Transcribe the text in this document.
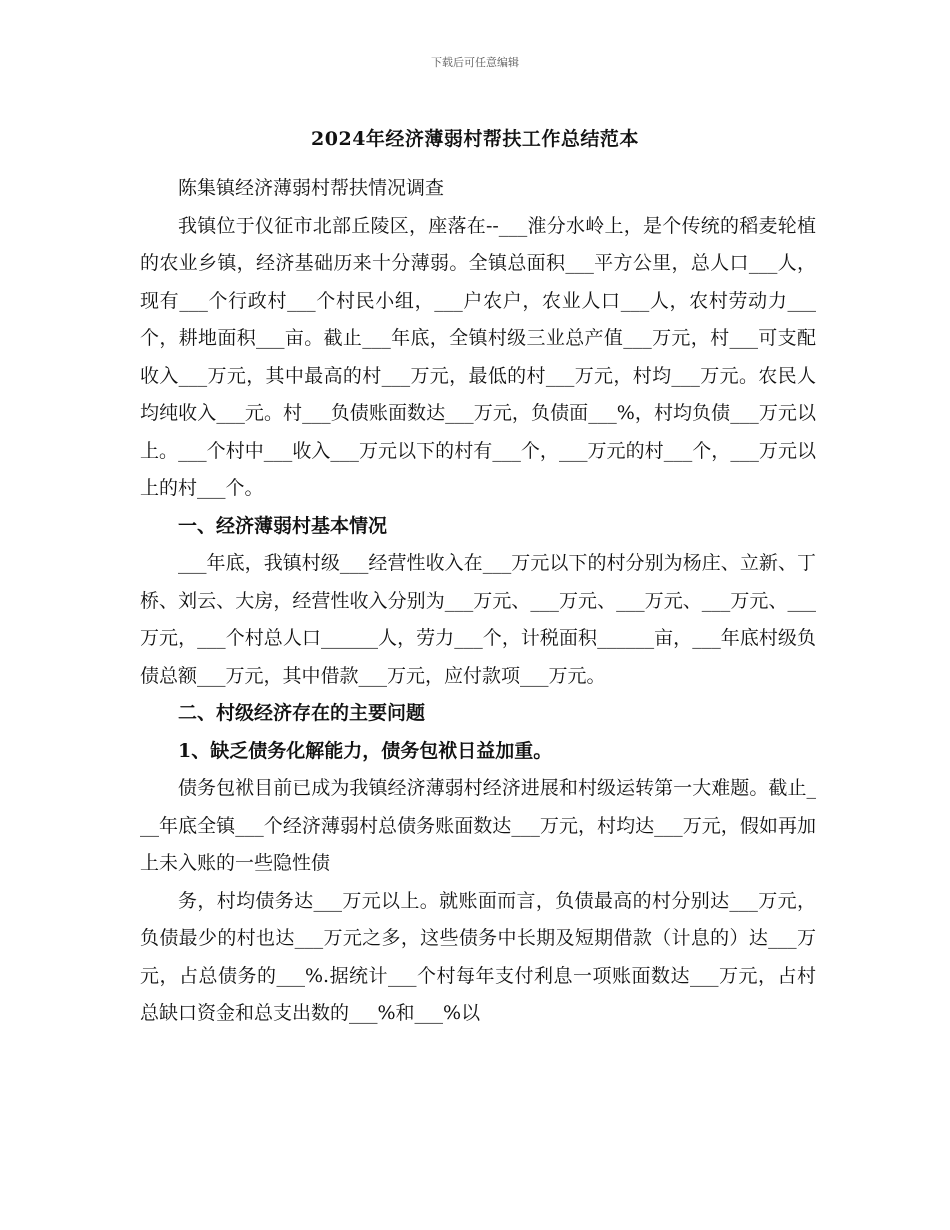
下载后可任意编辑
2024年经济薄弱村帮扶工作总结范本

陈集镇经济薄弱村帮扶情况调查

我镇位于仪征市北部丘陵区，座落在--___淮分水岭上，是个传统的稻麦轮植的农业乡镇，经济基础历来十分薄弱。全镇总面积___平方公里，总人口___人，现有___个行政村___个村民小组，___户农户，农业人口___人，农村劳动力___个，耕地面积___亩。截止___年底，全镇村级三业总产值___万元，村___可支配收入___万元，其中最高的村___万元，最低的村___万元，村均___万元。农民人均纯收入___元。村___负债账面数达___万元，负债面___%，村均负债___万元以上。___个村中___收入___万元以下的村有___个，___万元的村___个，___万元以上的村___个。

一、经济薄弱村基本情况

___年底，我镇村级___经营性收入在___万元以下的村分别为杨庄、立新、丁桥、刘云、大房，经营性收入分别为___万元、___万元、___万元、___万元、___万元，___个村总人口______人，劳力___个，计税面积______亩，___年底村级负债总额___万元，其中借款___万元，应付款项___万元。

二、村级经济存在的主要问题

1、缺乏债务化解能力，债务包袱日益加重。

债务包袱目前已成为我镇经济薄弱村经济进展和村级运转第一大难题。截止___年底全镇___个经济薄弱村总债务账面数达___万元，村均达___万元，假如再加上未入账的一些隐性债

务，村均债务达___万元以上。就账面而言，负债最高的村分别达___万元，负债最少的村也达___万元之多，这些债务中长期及短期借款（计息的）达___万元，占总债务的___%.据统计___个村每年支付利息一项账面数达___万元，占村总缺口资金和总支出数的___%和___%以
